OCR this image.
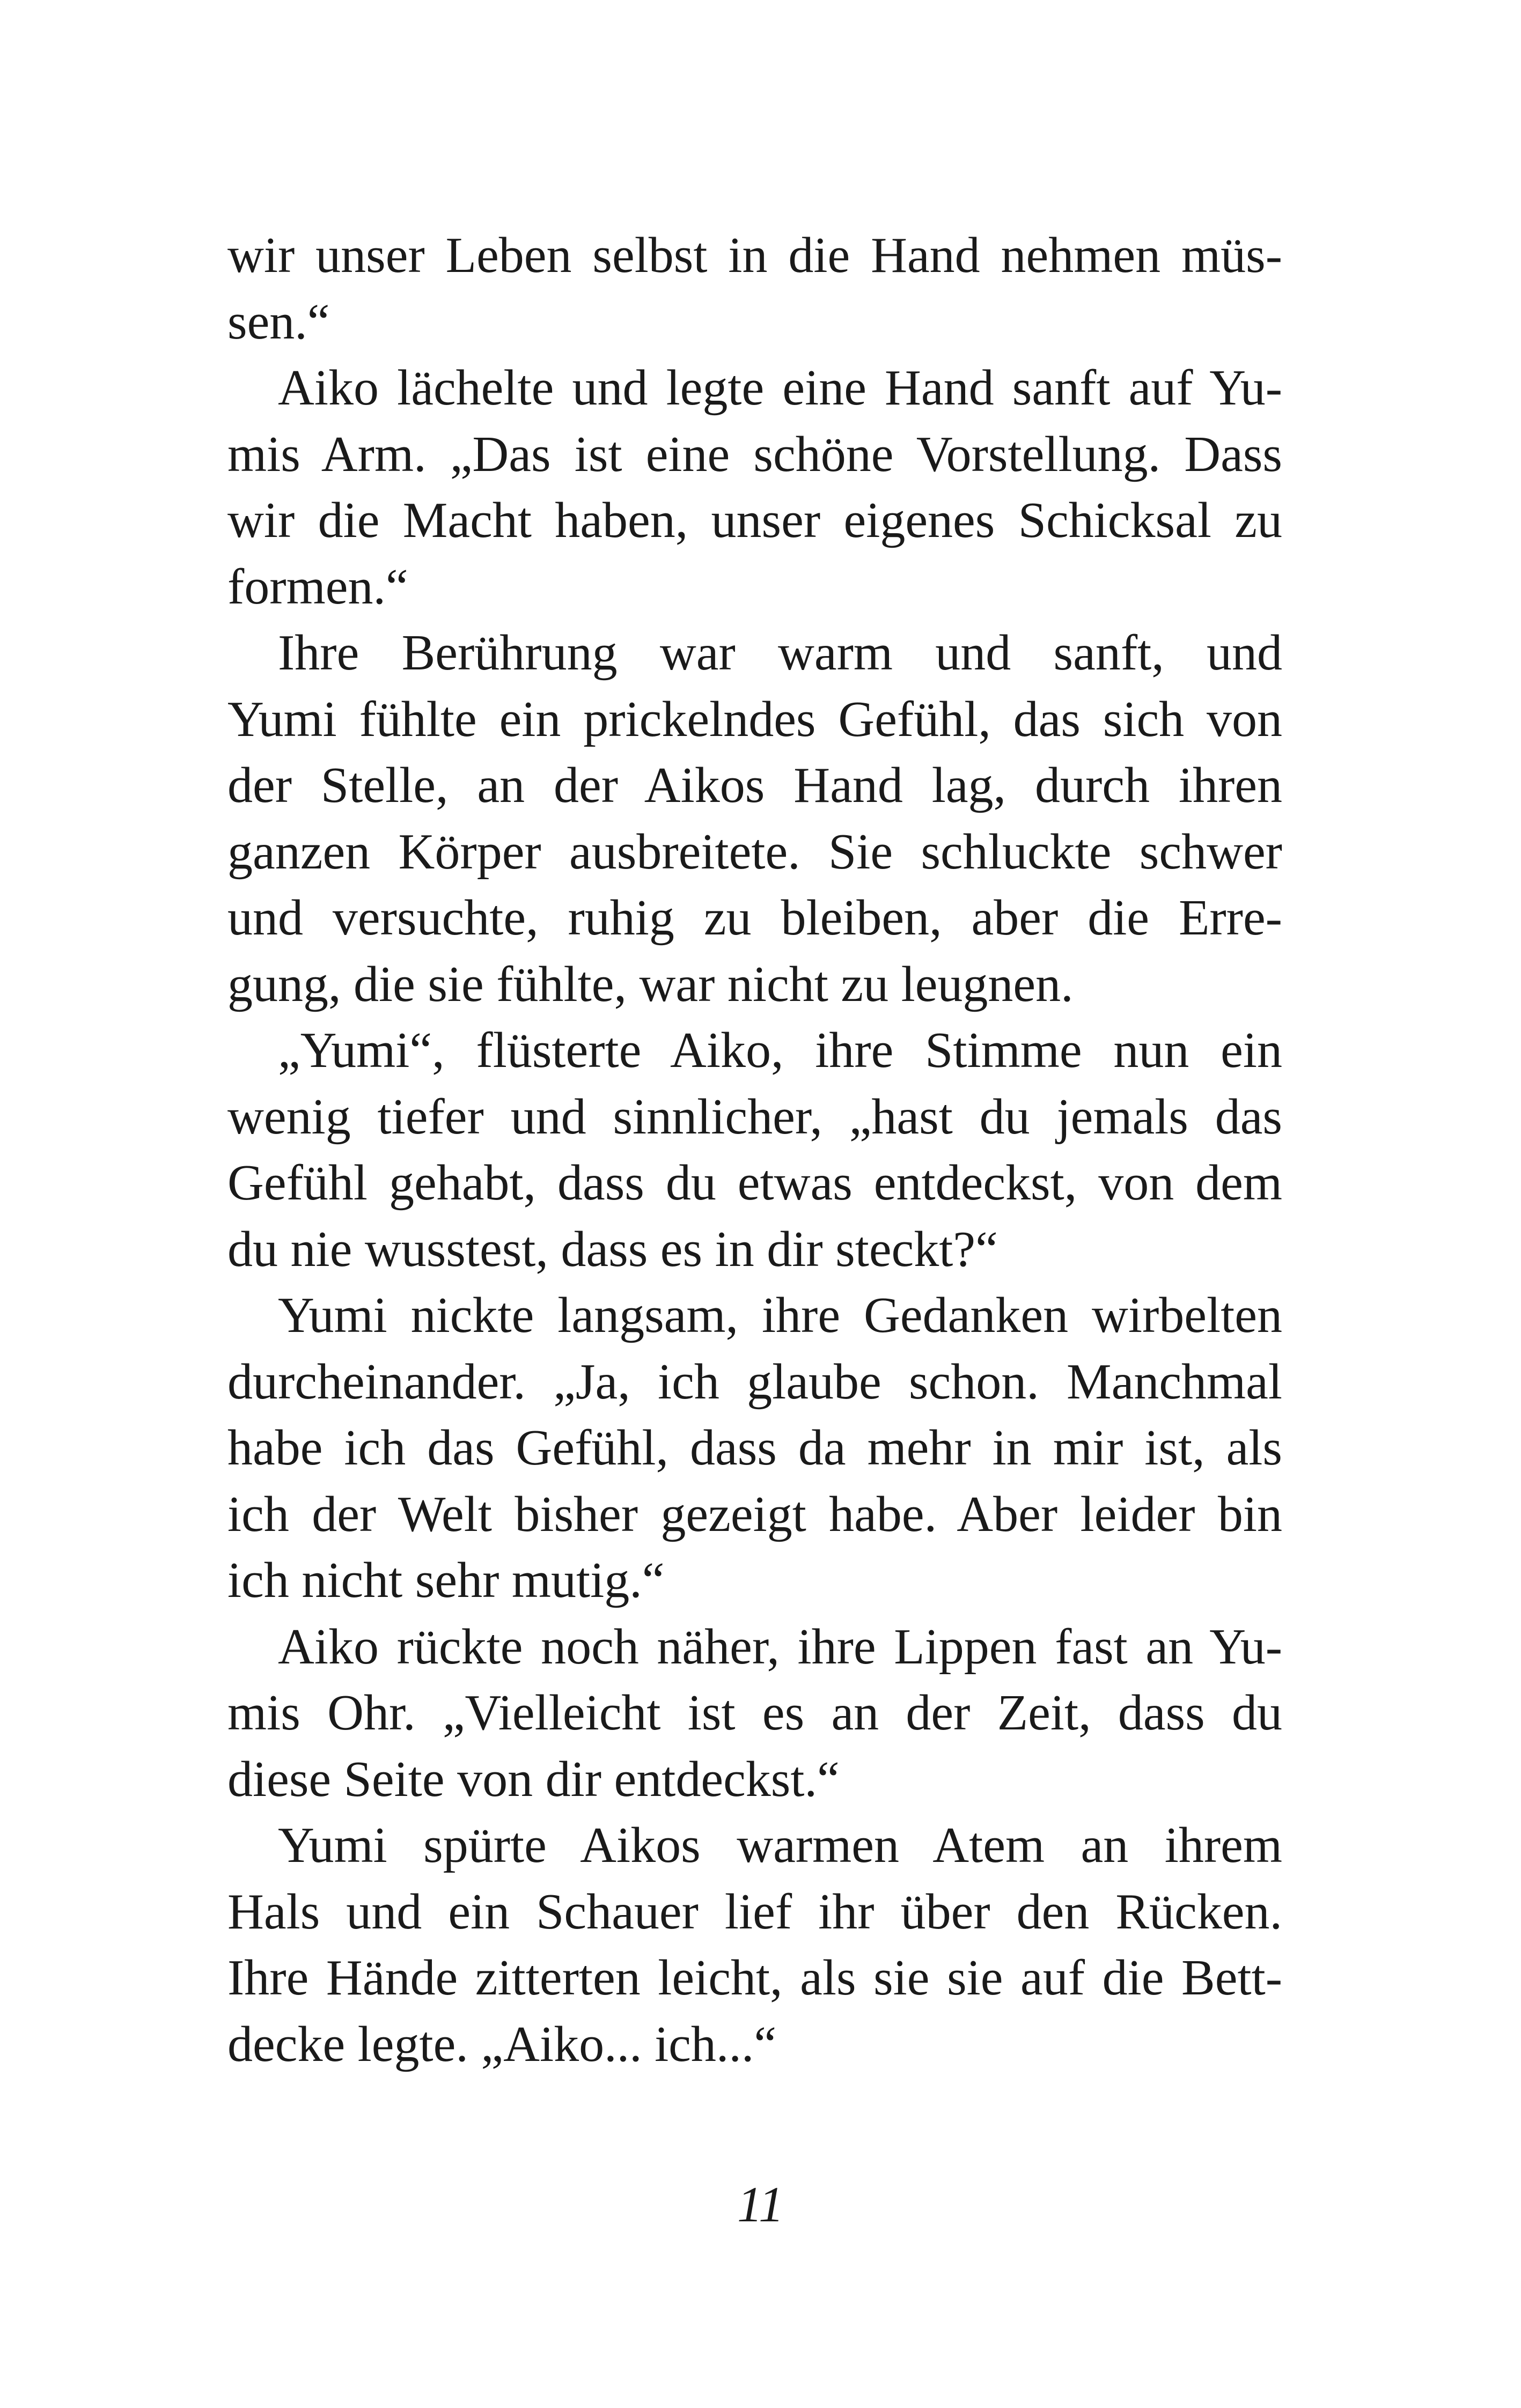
wir unser Leben selbst in die Hand nehmen müs-
sen.“
Aiko lächelte und legte eine Hand sanft auf Yu-
mis Arm. „Das ist eine schöne Vorstellung. Dass
wir die Macht haben, unser eigenes Schicksal zu
formen.“
Ihre Berührung war warm und sanft, und
Yumi fühlte ein prickelndes Gefühl, das sich von
der Stelle, an der Aikos Hand lag, durch ihren
ganzen Körper ausbreitete. Sie schluckte schwer
und versuchte, ruhig zu bleiben, aber die Erre-
gung, die sie fühlte, war nicht zu leugnen.
„Yumi“, flüsterte Aiko, ihre Stimme nun ein
wenig tiefer und sinnlicher, „hast du jemals das
Gefühl gehabt, dass du etwas entdeckst, von dem
du nie wusstest, dass es in dir steckt?“
Yumi nickte langsam, ihre Gedanken wirbelten
durcheinander. „Ja, ich glaube schon. Manchmal
habe ich das Gefühl, dass da mehr in mir ist, als
ich der Welt bisher gezeigt habe. Aber leider bin
ich nicht sehr mutig.“
Aiko rückte noch näher, ihre Lippen fast an Yu-
mis Ohr. „Vielleicht ist es an der Zeit, dass du
diese Seite von dir entdeckst.“
Yumi spürte Aikos warmen Atem an ihrem
Hals und ein Schauer lief ihr über den Rücken.
Ihre Hände zitterten leicht, als sie sie auf die Bett-
decke legte. „Aiko... ich...“
11
